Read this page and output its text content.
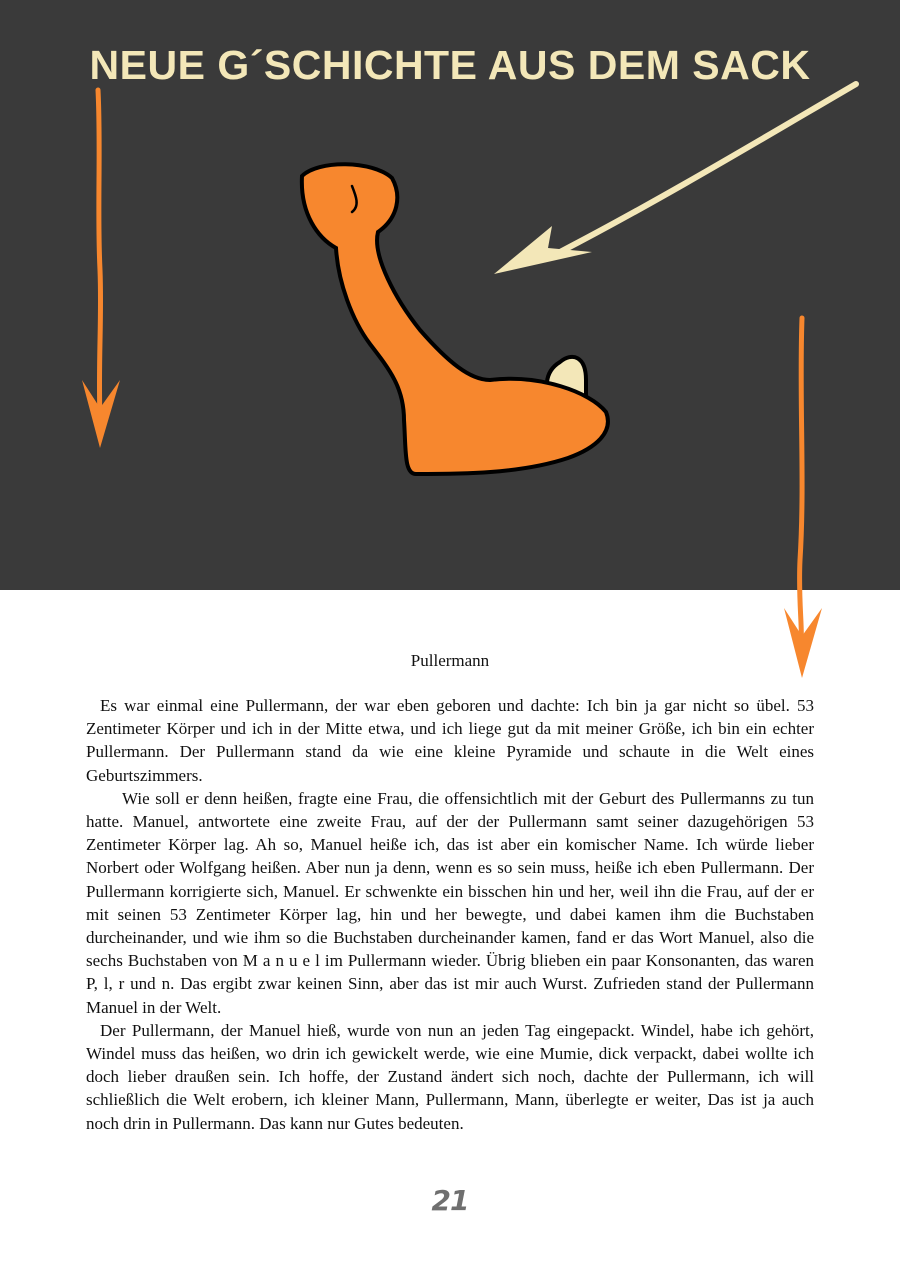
NEUE G´SCHICHTE AUS DEM SACK
Pullermann

Es war einmal eine Pullermann, der war eben geboren und dachte: Ich bin ja gar nicht so übel. 53 Zentimeter Körper und ich in der Mitte etwa, und ich liege gut da mit meiner Größe, ich bin ein echter Pullermann. Der Pullermann stand da wie eine kleine Pyramide und schaute in die Welt eines Geburtszimmers.

Wie soll er denn heißen, fragte eine Frau, die offensichtlich mit der Geburt des Pullermanns zu tun hatte. Manuel, antwortete eine zweite Frau, auf der der Pullermann samt seiner dazugehörigen 53 Zentimeter Körper lag. Ah so, Manuel heiße ich, das ist aber ein komischer Name. Ich würde lieber Norbert oder Wolfgang heißen. Aber nun ja denn, wenn es so sein muss, heiße ich eben Pullermann. Der Pullermann korrigierte sich, Manuel. Er schwenkte ein bisschen hin und her, weil ihn die Frau, auf der er mit seinen 53 Zentimeter Körper lag, hin und her bewegte, und dabei kamen ihm die Buchstaben durcheinander, und wie ihm so die Buchstaben durcheinander kamen, fand er das Wort Manuel, also die sechs Buchstaben von M a n u e l im Pullermann wieder. Übrig blieben ein paar Konsonanten, das waren P, l, r und n. Das ergibt zwar keinen Sinn, aber das ist mir auch Wurst. Zufrieden stand der Pullermann Manuel in der Welt.

Der Pullermann, der Manuel hieß, wurde von nun an jeden Tag eingepackt. Windel, habe ich gehört, Windel muss das heißen, wo drin ich gewickelt werde, wie eine Mumie, dick verpackt, dabei wollte ich doch lieber draußen sein. Ich hoffe, der Zustand ändert sich noch, dachte der Pullermann, ich will schließlich die Welt erobern, ich kleiner Mann, Pullermann, Mann, überlegte er weiter, Das ist ja auch noch drin in Pullermann. Das kann nur Gutes bedeuten.

21
